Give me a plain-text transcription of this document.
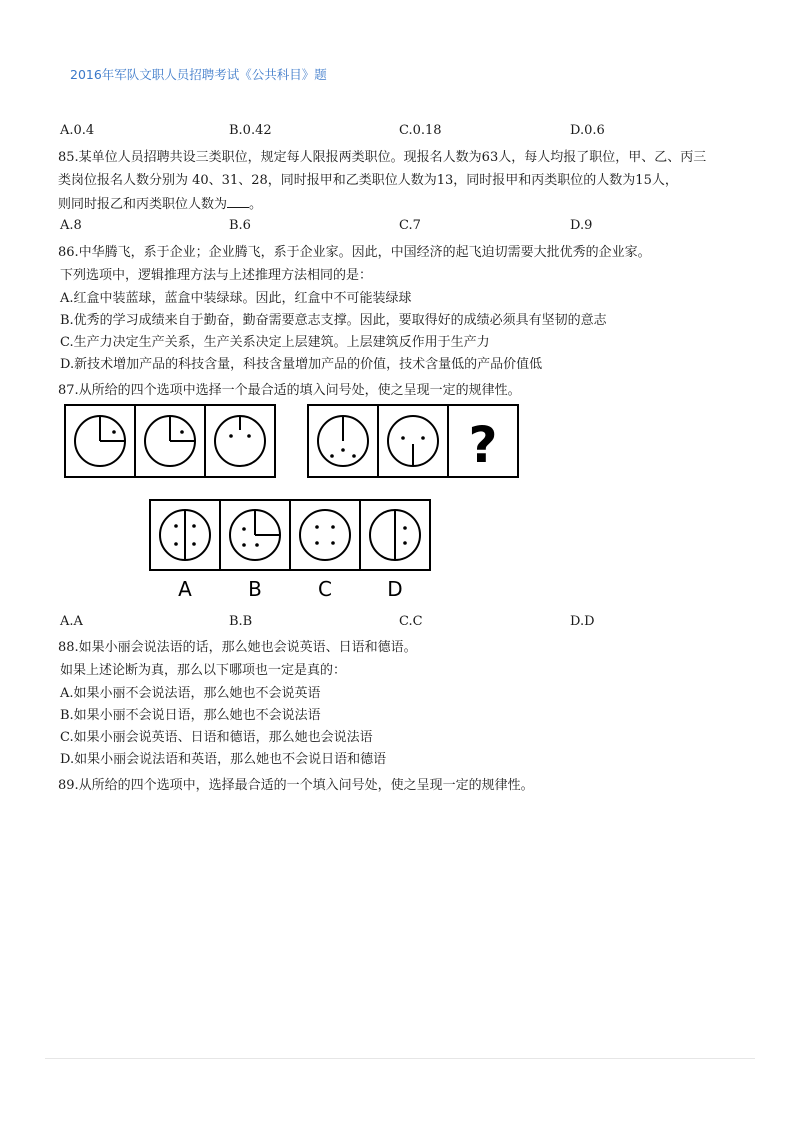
2016年军队文职人员招聘考试《公共科目》题
A.0.4	B.0.42	C.0.18	D.0.6
85.某单位人员招聘共设三类职位，规定每人限报两类职位。现报名人数为63人，每人均报了职位，甲、乙、丙三
类岗位报名人数分别为 40、31、28，同时报甲和乙类职位人数为13，同时报甲和丙类职位的人数为15人，
则同时报乙和丙类职位人数为 。
A.8	B.6	C.7	D.9
86.中华腾飞，系于企业；企业腾飞，系于企业家。因此，中国经济的起飞迫切需要大批优秀的企业家。
下列选项中，逻辑推理方法与上述推理方法相同的是：
A.红盒中装蓝球，蓝盒中装绿球。因此，红盒中不可能装绿球
B.优秀的学习成绩来自于勤奋，勤奋需要意志支撑。因此，要取得好的成绩必须具有坚韧的意志
C.生产力决定生产关系，生产关系决定上层建筑。上层建筑反作用于生产力
D.新技术增加产品的科技含量，科技含量增加产品的价值，技术含量低的产品价值低
87.从所给的四个选项中选择一个最合适的填入问号处，使之呈现一定的规律性。
?
A	B	C	D
A.A	B.B	C.C	D.D
88.如果小丽会说法语的话，那么她也会说英语、日语和德语。
如果上述论断为真，那么以下哪项也一定是真的：
A.如果小丽不会说法语，那么她也不会说英语
B.如果小丽不会说日语，那么她也不会说法语
C.如果小丽会说英语、日语和德语，那么她也会说法语
D.如果小丽会说法语和英语，那么她也不会说日语和德语
89.从所给的四个选项中，选择最合适的一个填入问号处，使之呈现一定的规律性。
